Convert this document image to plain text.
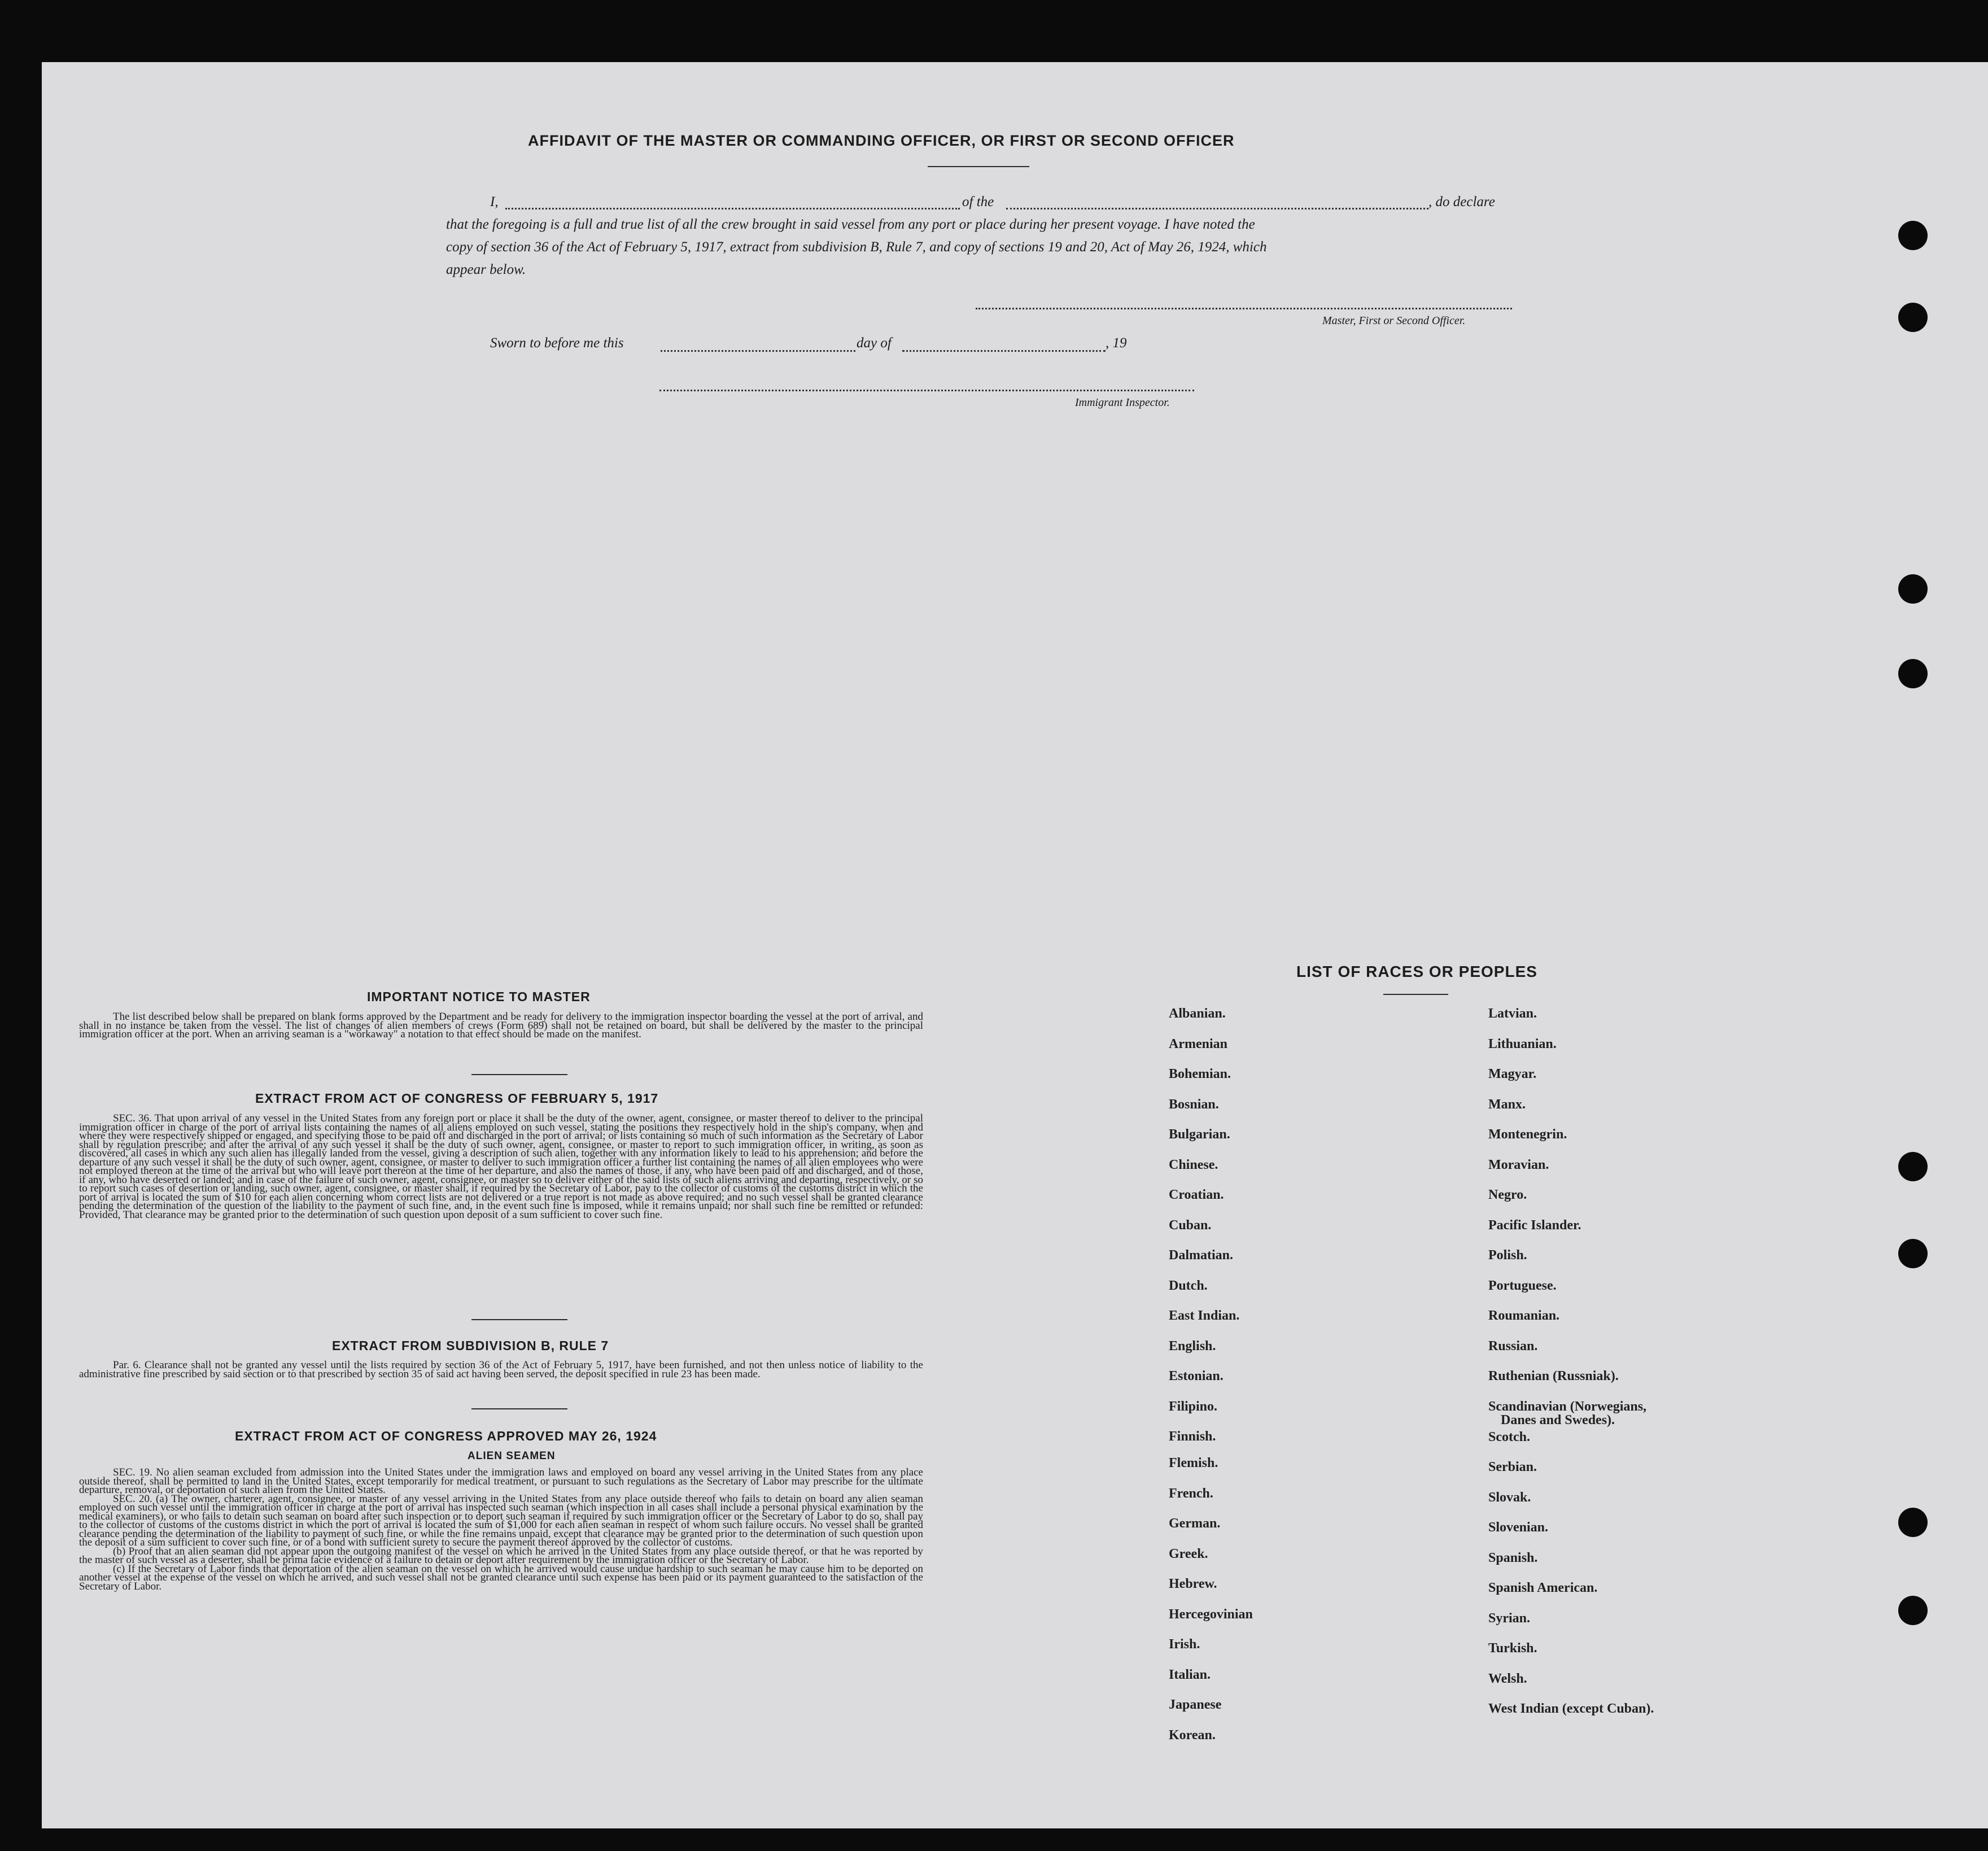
AFFIDAVIT OF THE MASTER OR COMMANDING OFFICER, OR FIRST OR SECOND OFFICER
I,	of the	, do declare
that the foregoing is a full and true list of all the crew brought in said vessel from any port or place during her present voyage. I have noted the
copy of section 36 of the Act of February 5, 1917, extract from subdivision B, Rule 7, and copy of sections 19 and 20, Act of May 26, 1924, which
appear below.
Master, First or Second Officer.
Sworn to before me this	day of	, 19
Immigrant Inspector.
IMPORTANT NOTICE TO MASTER
The list described below shall be prepared on blank forms approved by the Department and be ready for delivery to the immigration inspector boarding the vessel at the port of arrival, and shall in no instance be taken from the vessel. The list of changes of alien members of crews (Form 689) shall not be retained on board, but shall be delivered by the master to the principal immigration officer at the port. When an arriving seaman is a "workaway" a notation to that effect should be made on the manifest.
EXTRACT FROM ACT OF CONGRESS OF FEBRUARY 5, 1917
SEC. 36. That upon arrival of any vessel in the United States from any foreign port or place it shall be the duty of the owner, agent, consignee, or master thereof to deliver to the principal immigration officer in charge of the port of arrival lists containing the names of all aliens employed on such vessel, stating the positions they respectively hold in the ship's company, when and where they were respectively shipped or engaged, and specifying those to be paid off and discharged in the port of arrival; or lists containing so much of such information as the Secretary of Labor shall by regulation prescribe; and after the arrival of any such vessel it shall be the duty of such owner, agent, consignee, or master to report to such immigration officer, in writing, as soon as discovered, all cases in which any such alien has illegally landed from the vessel, giving a description of such alien, together with any information likely to lead to his apprehension; and before the departure of any such vessel it shall be the duty of such owner, agent, consignee, or master to deliver to such immigration officer a further list containing the names of all alien employees who were not employed thereon at the time of the arrival but who will leave port thereon at the time of her departure, and also the names of those, if any, who have been paid off and discharged, and of those, if any, who have deserted or landed; and in case of the failure of such owner, agent, consignee, or master so to deliver either of the said lists of such aliens arriving and departing, respectively, or so to report such cases of desertion or landing, such owner, agent, consignee, or master shall, if required by the Secretary of Labor, pay to the collector of customs of the customs district in which the port of arrival is located the sum of $10 for each alien concerning whom correct lists are not delivered or a true report is not made as above required; and no such vessel shall be granted clearance pending the determination of the question of the liability to the payment of such fine, and, in the event such fine is imposed, while it remains unpaid; nor shall such fine be remitted or refunded: Provided, That clearance may be granted prior to the determination of such question upon deposit of a sum sufficient to cover such fine.
EXTRACT FROM SUBDIVISION B, RULE 7
Par. 6. Clearance shall not be granted any vessel until the lists required by section 36 of the Act of February 5, 1917, have been furnished, and not then unless notice of liability to the administrative fine prescribed by said section or to that prescribed by section 35 of said act having been served, the deposit specified in rule 23 has been made.
EXTRACT FROM ACT OF CONGRESS APPROVED MAY 26, 1924
ALIEN SEAMEN
SEC. 19. No alien seaman excluded from admission into the United States under the immigration laws and employed on board any vessel arriving in the United States from any place outside thereof, shall be permitted to land in the United States, except temporarily for medical treatment, or pursuant to such regulations as the Secretary of Labor may prescribe for the ultimate departure, removal, or deportation of such alien from the United States.
SEC. 20. (a) The owner, charterer, agent, consignee, or master of any vessel arriving in the United States from any place outside thereof who fails to detain on board any alien seaman employed on such vessel until the immigration officer in charge at the port of arrival has inspected such seaman (which inspection in all cases shall include a personal physical examination by the medical examiners), or who fails to detain such seaman on board after such inspection or to deport such seaman if required by such immigration officer or the Secretary of Labor to do so, shall pay to the collector of customs of the customs district in which the port of arrival is located the sum of $1,000 for each alien seaman in respect of whom such failure occurs. No vessel shall be granted clearance pending the determination of the liability to payment of such fine, or while the fine remains unpaid, except that clearance may be granted prior to the determination of such question upon the deposit of a sum sufficient to cover such fine, or of a bond with sufficient surety to secure the payment thereof approved by the collector of customs.
(b) Proof that an alien seaman did not appear upon the outgoing manifest of the vessel on which he arrived in the United States from any place outside thereof, or that he was reported by the master of such vessel as a deserter, shall be prima facie evidence of a failure to detain or deport after requirement by the immigration officer or the Secretary of Labor.
(c) If the Secretary of Labor finds that deportation of the alien seaman on the vessel on which he arrived would cause undue hardship to such seaman he may cause him to be deported on another vessel at the expense of the vessel on which he arrived, and such vessel shall not be granted clearance until such expense has been paid or its payment guaranteed to the satisfaction of the Secretary of Labor.
LIST OF RACES OR PEOPLES
Albanian.
Armenian
Bohemian.
Bosnian.
Bulgarian.
Chinese.
Croatian.
Cuban.
Dalmatian.
Dutch.
East Indian.
English.
Estonian.
Filipino.
Finnish.
Flemish.
French.
German.
Greek.
Hebrew.
Hercegovinian
Irish.
Italian.
Japanese
Korean.
Latvian.
Lithuanian.
Magyar.
Manx.
Montenegrin.
Moravian.
Negro.
Pacific Islander.
Polish.
Portuguese.
Roumanian.
Russian.
Ruthenian (Russniak).
Scandinavian (Norwegians,
Danes and Swedes).
Scotch.
Serbian.
Slovak.
Slovenian.
Spanish.
Spanish American.
Syrian.
Turkish.
Welsh.
West Indian (except Cuban).
